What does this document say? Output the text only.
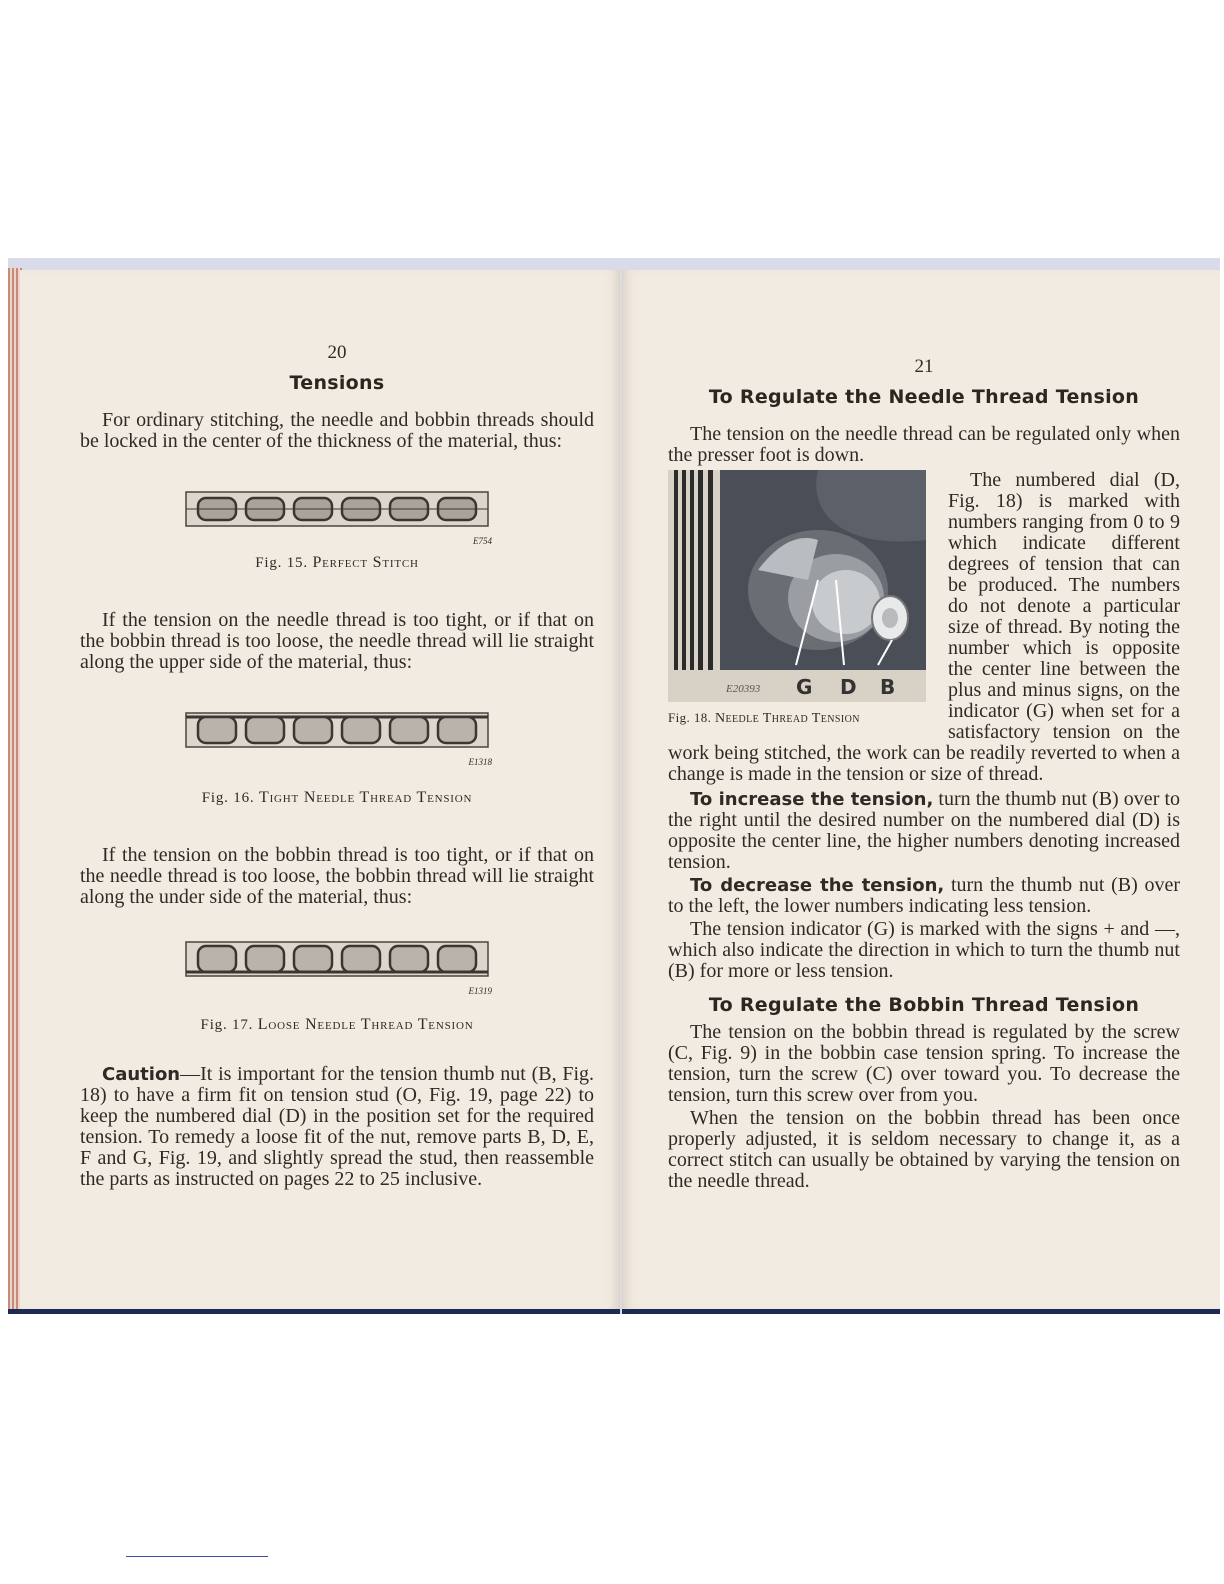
20
Tensions

For ordinary stitching, the needle and bobbin threads should be locked in the center of the thickness of the material, thus:

E754
Fig. 15. Perfect Stitch

If the tension on the needle thread is too tight, or if that on the bobbin thread is too loose, the needle thread will lie straight along the upper side of the material, thus:

E1318
Fig. 16. Tight Needle Thread Tension

If the tension on the bobbin thread is too tight, or if that on the needle thread is too loose, the bobbin thread will lie straight along the under side of the material, thus:

E1319
Fig. 17. Loose Needle Thread Tension

Caution—It is important for the tension thumb nut (B, Fig. 18) to have a firm fit on tension stud (O, Fig. 19, page 22) to keep the numbered dial (D) in the position set for the required tension. To remedy a loose fit of the nut, remove parts B, D, E, F and G, Fig. 19, and slightly spread the stud, then reassemble the parts as instructed on pages 22 to 25 inclusive.

21
To Regulate the Needle Thread Tension

The tension on the needle thread can be regulated only when the presser foot is down.

E20393 G D B
Fig. 18. Needle Thread Tension

The numbered dial (D, Fig. 18) is marked with numbers ranging from 0 to 9 which indicate different degrees of tension that can be produced. The numbers do not denote a particular size of thread. By noting the number which is opposite the center line between the plus and minus signs, on the indicator (G) when set for a satisfactory tension on the work being stitched, the work can be readily reverted to when a change is made in the tension or size of thread.

To increase the tension, turn the thumb nut (B) over to the right until the desired number on the numbered dial (D) is opposite the center line, the higher numbers denoting increased tension.

To decrease the tension, turn the thumb nut (B) over to the left, the lower numbers indicating less tension.

The tension indicator (G) is marked with the signs + and —, which also indicate the direction in which to turn the thumb nut (B) for more or less tension.

To Regulate the Bobbin Thread Tension

The tension on the bobbin thread is regulated by the screw (C, Fig. 9) in the bobbin case tension spring. To increase the tension, turn the screw (C) over toward you. To decrease the tension, turn this screw over from you.

When the tension on the bobbin thread has been once properly adjusted, it is seldom necessary to change it, as a correct stitch can usually be obtained by varying the tension on the needle thread.
